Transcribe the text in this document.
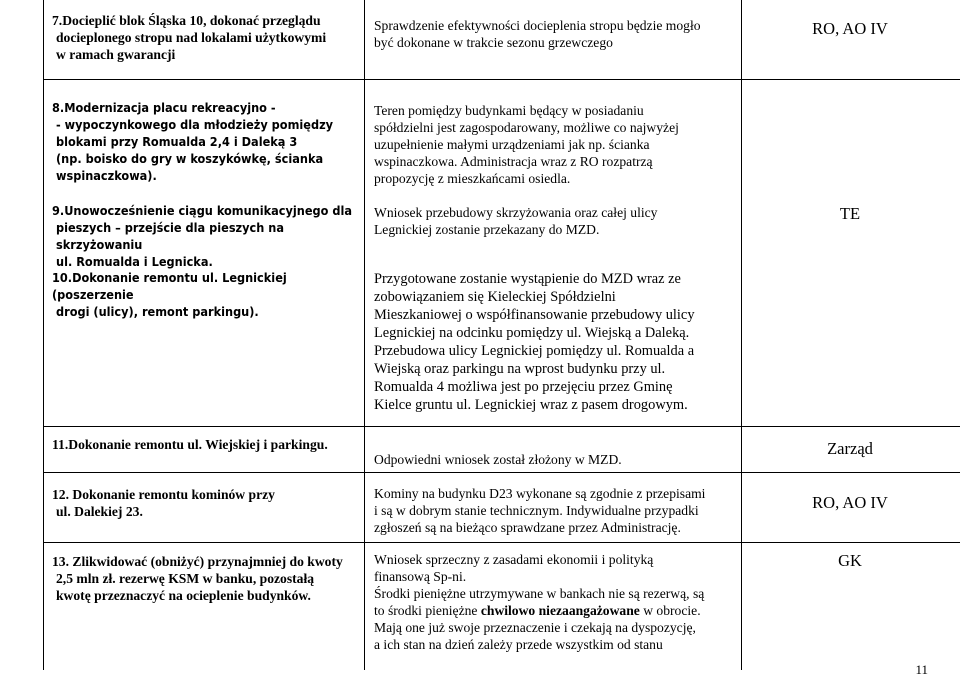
7.Docieplić blok Śląska 10, dokonać przeglądu
docieplonego stropu nad lokalami użytkowymi
w ramach gwarancji
Sprawdzenie efektywności docieplenia stropu będzie mogło
być dokonane w trakcie sezonu grzewczego
RO, AO IV
8.Modernizacja placu rekreacyjno -
- wypoczynkowego dla młodzieży pomiędzy
blokami przy Romualda 2,4 i Daleką 3
(np. boisko do gry w koszykówkę, ścianka
wspinaczkowa).
Teren pomiędzy budynkami będący w posiadaniu
spółdzielni jest zagospodarowany, możliwe co najwyżej
uzupełnienie małymi urządzeniami jak np. ścianka
wspinaczkowa. Administracja wraz z RO rozpatrzą
propozycję z mieszkańcami osiedla.
9.Unowocześnienie ciągu komunikacyjnego dla
pieszych – przejście dla pieszych na skrzyżowaniu
ul. Romualda i Legnicka.
Wniosek przebudowy skrzyżowania oraz całej ulicy
Legnickiej zostanie przekazany do MZD.
TE
10.Dokonanie remontu ul. Legnickiej (poszerzenie
drogi (ulicy), remont parkingu).
Przygotowane zostanie wystąpienie do MZD wraz ze
zobowiązaniem się Kieleckiej Spółdzielni
Mieszkaniowej o współfinansowanie przebudowy ulicy
Legnickiej na odcinku pomiędzy ul. Wiejską a Daleką.
Przebudowa ulicy Legnickiej pomiędzy ul. Romualda a
Wiejską oraz parkingu na wprost budynku przy ul.
Romualda 4 możliwa jest po przejęciu przez Gminę
Kielce gruntu ul. Legnickiej wraz z pasem drogowym.
11.Dokonanie remontu ul. Wiejskiej i parkingu.
Odpowiedni wniosek został złożony w MZD.
Zarząd
12. Dokonanie remontu kominów przy
ul. Dalekiej 23.
Kominy na budynku D23 wykonane są zgodnie z przepisami
i są w dobrym stanie technicznym. Indywidualne przypadki
zgłoszeń są na bieżąco sprawdzane przez Administrację.
RO, AO IV
13. Zlikwidować (obniżyć) przynajmniej do kwoty
2,5 mln zł. rezerwę KSM w banku, pozostałą
kwotę przeznaczyć na ocieplenie budynków.
Wniosek sprzeczny z zasadami ekonomii i polityką
finansową Sp-ni.
Środki pieniężne utrzymywane w bankach nie są rezerwą, są
to środki pieniężne chwilowo niezaangażowane w obrocie.
Mają one już swoje przeznaczenie i czekają na dyspozycję,
a ich stan na dzień zależy przede wszystkim od stanu
GK
11
